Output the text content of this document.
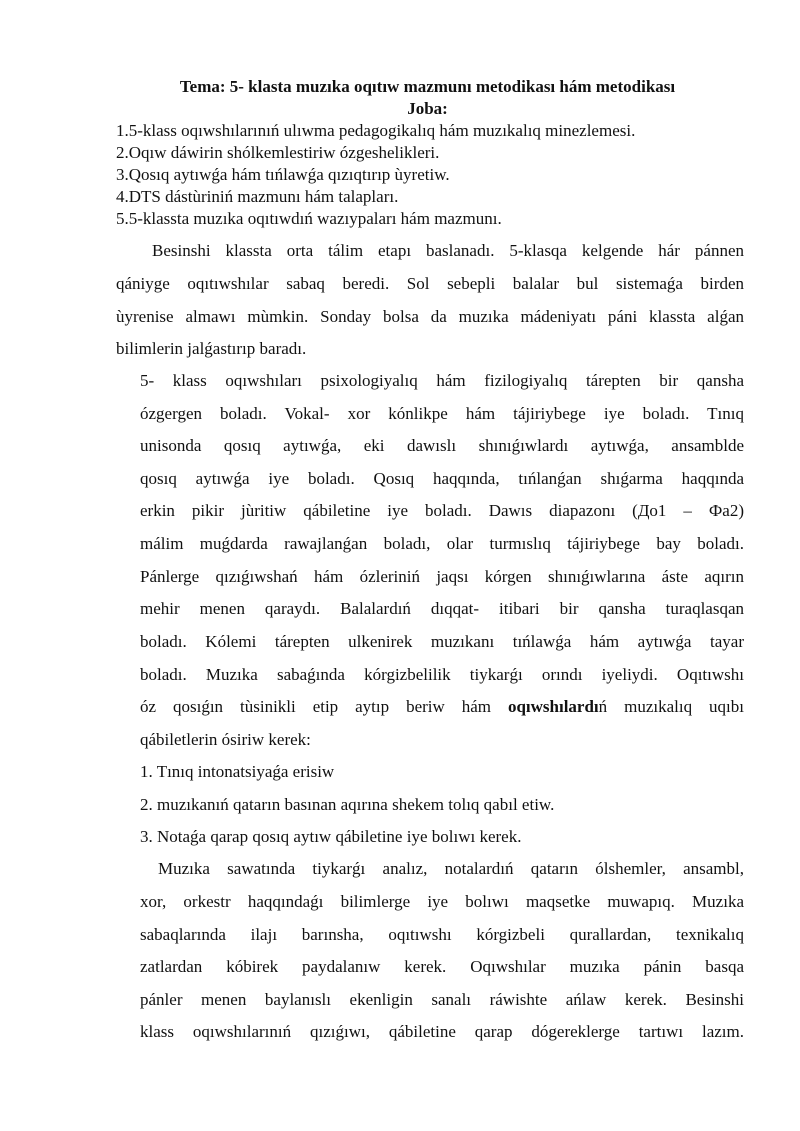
Tema: 5- klasta muzıka oqıtıw mazmunı metodikası hám metodikası
Joba:
1.5-klass oqıwshılarınıń ulıwma pedagogikalıq hám muzıkalıq minezlemesi.
2.Oqıw dáwirin shólkemlestiriw ózgeshelikleri.
3.Qosıq aytıwǵa hám tıńlawǵa qızıqtırıp ùyretiw.
4.DTS dástùriniń mazmunı hám talapları.
5.5-klassta muzıka oqıtıwdıń wazıypaları hám mazmunı.
Besinshi klassta orta tálim etapı baslanadı. 5-klasqa kelgende hár pánnen
qániyge oqıtıwshılar sabaq beredi. Sol sebepli balalar bul sistemaǵa birden
ùyrenise almawı mùmkin. Sonday bolsa da muzıka mádeniyatı páni klassta alǵan
bilimlerin jalǵastırıp baradı.
5- klass oqıwshıları psixologiyalıq hám fizilogiyalıq tárepten bir qansha
ózgergen boladı. Vokal- xor kónlikpe hám tájiriybege iye boladı. Tınıq
unisonda qosıq aytıwǵa, eki dawıslı shınıǵıwlardı aytıwǵa, ansamblde
qosıq aytıwǵa iye boladı. Qosıq haqqında, tıńlanǵan shıǵarma haqqında
erkin pikir jùritiw qábiletine iye boladı. Dawıs diapazonı (До1 – Фа2)
málim muǵdarda rawajlanǵan boladı, olar turmıslıq tájiriybege bay boladı.
Pánlerge qızıǵıwshań hám ózleriniń jaqsı kórgen shınıǵıwlarına áste aqırın
mehir menen qaraydı. Balalardıń dıqqat- itibari bir qansha turaqlasqan
boladı. Kólemi tárepten ulkenirek muzıkanı tıńlawǵa hám aytıwǵa tayar
boladı. Muzıka sabaǵında kórgizbelilik tiykarǵı orındı iyeliydi. Oqıtıwshı
óz qosıǵın tùsinikli etip aytıp beriw hám oqıwshılardıń muzıkalıq uqıbı
qábiletlerin ósiriw kerek:
1. Tınıq intonatsiyaǵa erisiw
2. muzıkanıń qatarın basınan aqırına shekem tolıq qabıl etiw.
3. Notaǵa qarap qosıq aytıw qábiletine iye bolıwı kerek.
Muzıka sawatında tiykarǵı analız, notalardıń qatarın ólshemler, ansambl,
xor, orkestr haqqındaǵı bilimlerge iye bolıwı maqsetke muwapıq. Muzıka
sabaqlarında ilajı barınsha, oqıtıwshı kórgizbeli qurallardan, texnikalıq
zatlardan kóbirek paydalanıw kerek. Oqıwshılar muzıka pánin basqa
pánler menen baylanıslı ekenligin sanalı ráwishte ańlaw kerek. Besinshi
klass oqıwshılarınıń qızıǵıwı, qábiletine qarap dógereklerge tartıwı lazım.
